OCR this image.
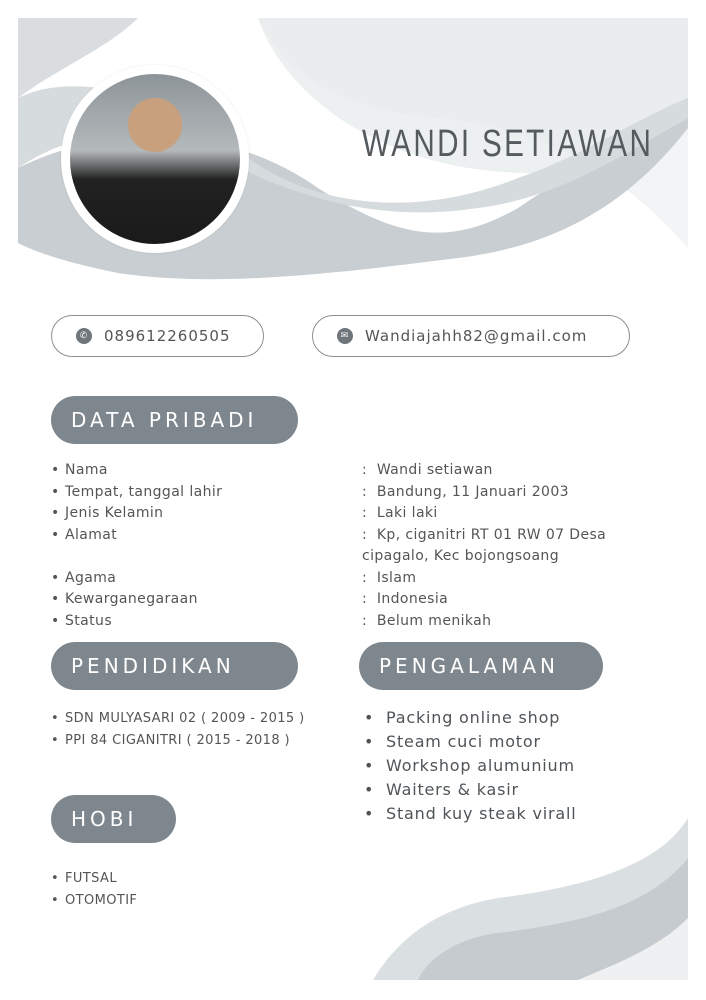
WANDI SETIAWAN
✆ 089612260505	✉ Wandiajahh82@gmail.com
DATA PRIBADI
• Nama
• Tempat, tanggal lahir
• Jenis Kelamin
• Alamat

• Agama
• Kewarganegaraan
• Status
:  Wandi setiawan
:  Bandung, 11 Januari 2003
:  Laki laki
:  Kp, ciganitri RT 01 RW 07 Desa
cipagalo, Kec bojongsoang
:  Islam
:  Indonesia
:  Belum menikah
PENDIDIKAN	PENGALAMAN
• SDN MULYASARI 02 ( 2009 - 2015 )
• PPI 84 CIGANITRI ( 2015 - 2018 )
•  Packing online shop
•  Steam cuci motor
•  Workshop alumunium
•  Waiters & kasir
•  Stand kuy steak virall
HOBI
• FUTSAL
• OTOMOTIF
